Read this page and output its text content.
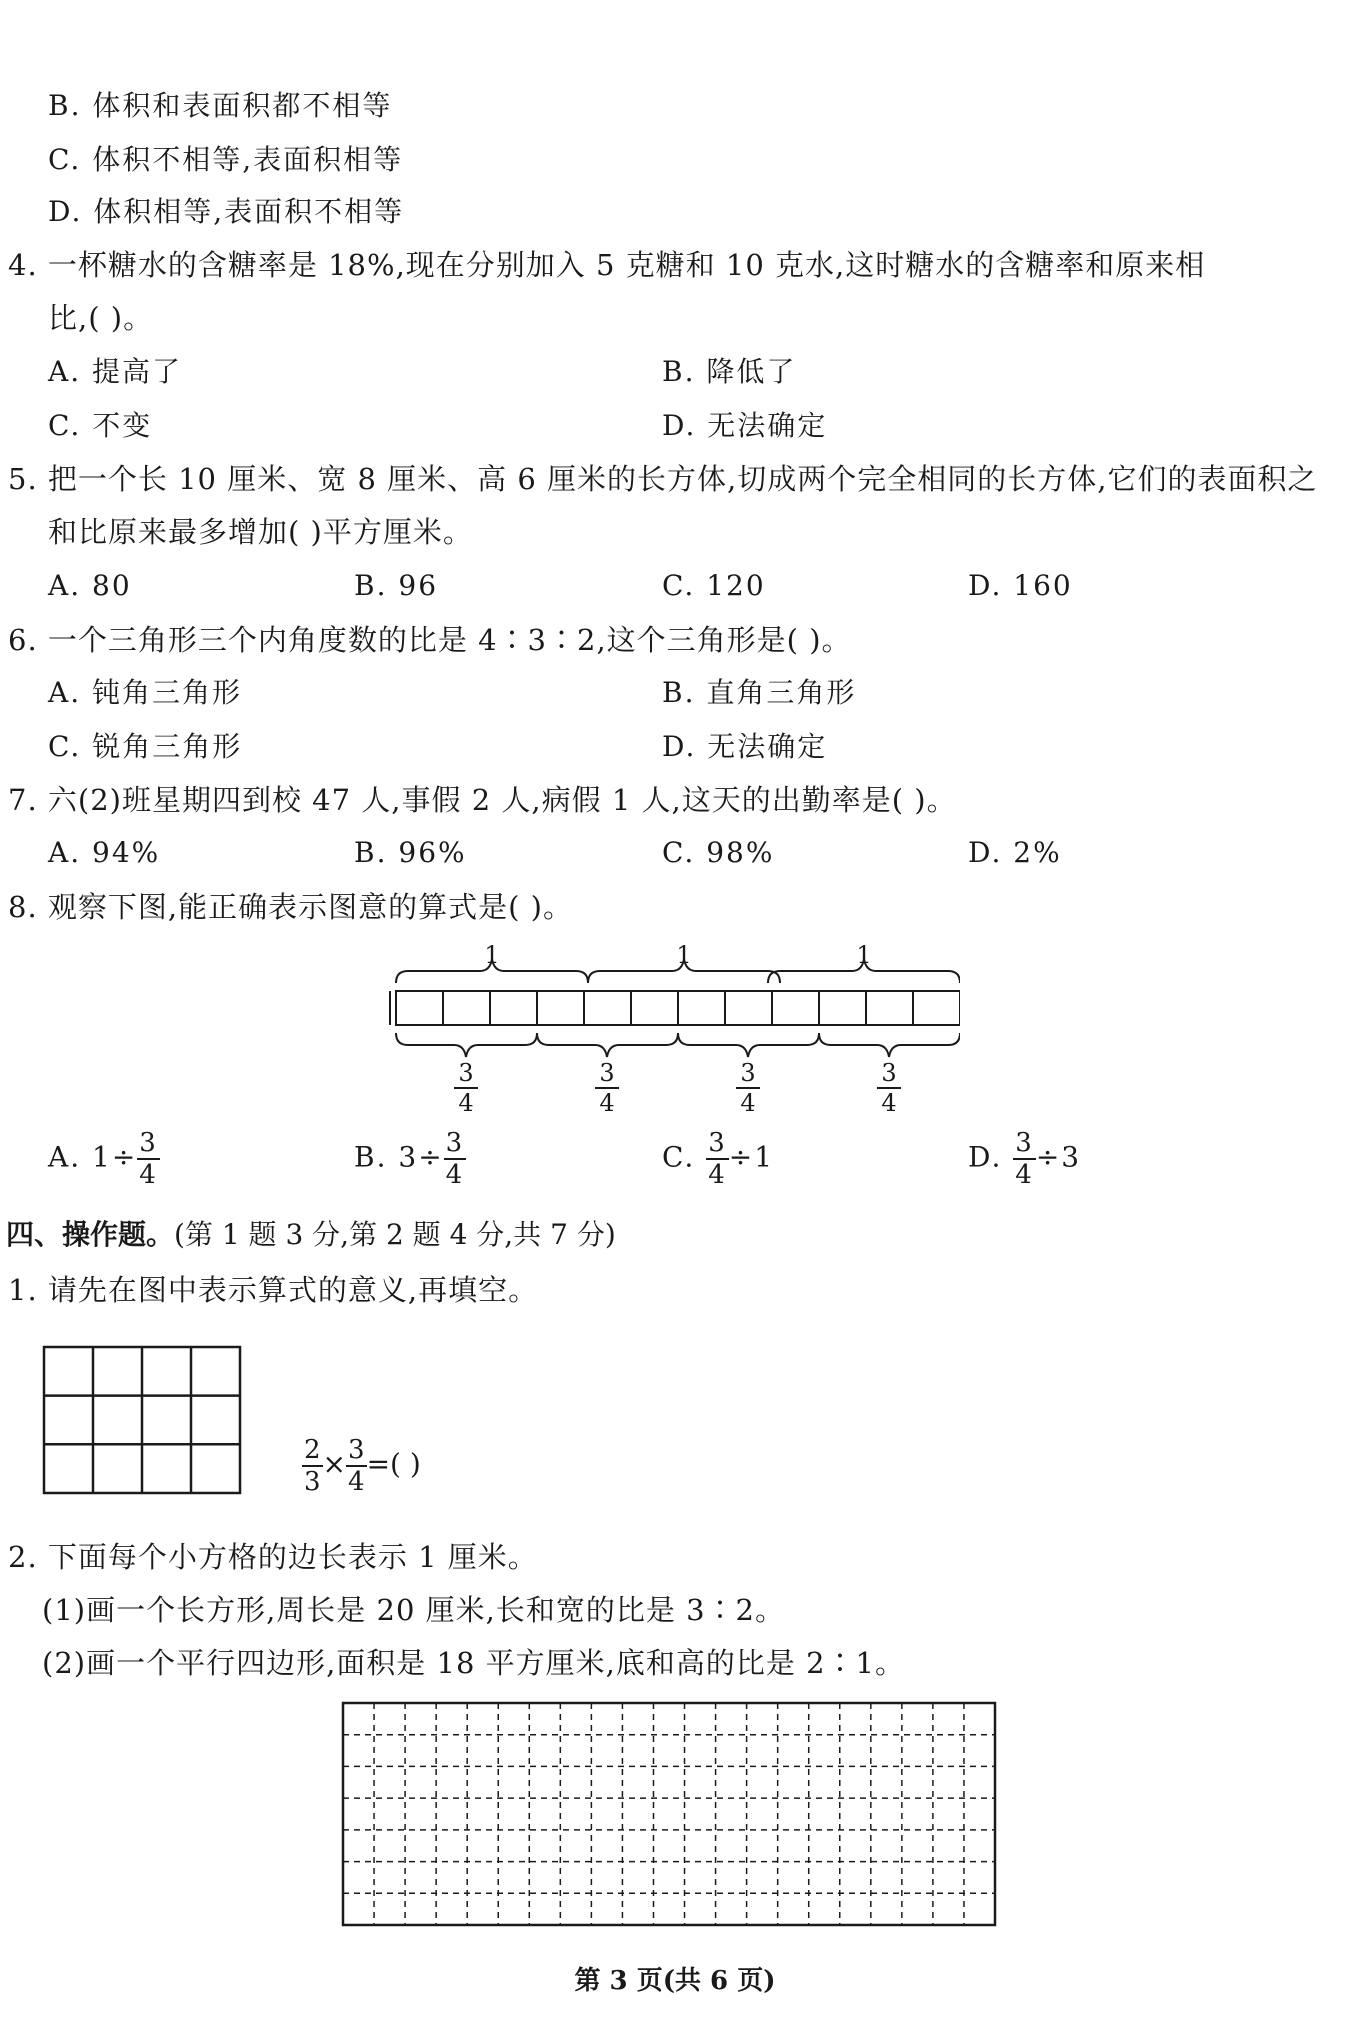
B. 体积和表面积都不相等
C. 体积不相等,表面积相等
D. 体积相等,表面积不相等
4. 一杯糖水的含糖率是 18%,现在分别加入 5 克糖和 10 克水,这时糖水的含糖率和原来相
比,( )。
A. 提高了	B. 降低了
C. 不变	D. 无法确定
5. 把一个长 10 厘米、宽 8 厘米、高 6 厘米的长方体,切成两个完全相同的长方体,它们的表面积之
和比原来最多增加( )平方厘米。
A. 80	B. 96	C. 120	D. 160
6. 一个三角形三个内角度数的比是 4∶3∶2,这个三角形是( )。
A. 钝角三角形	B. 直角三角形
C. 锐角三角形	D. 无法确定
7. 六(2)班星期四到校 47 人,事假 2 人,病假 1 人,这天的出勤率是( )。
A. 94%	B. 96%	C. 98%	D. 2%
8. 观察下图,能正确表示图意的算式是( )。
1	1	1
3
4
3
4
3
4
3
4
A. $1\div \frac{3}{4}$	B. $3\div \frac{3}{4}$	C. $\frac{3}{4} \div 1$	D. $\frac{3}{4} \div 3$
四、操作题。(第 1 题 3 分,第 2 题 4 分,共 7 分)
1. 请先在图中表示算式的意义,再填空。
$\frac{2}{3} \times \frac{3}{4}$ =( )
2. 下面每个小方格的边长表示 1 厘米。
(1)画一个长方形,周长是 20 厘米,长和宽的比是 3∶2。
(2)画一个平行四边形,面积是 18 平方厘米,底和高的比是 2∶1。
第 3 页(共 6 页)
